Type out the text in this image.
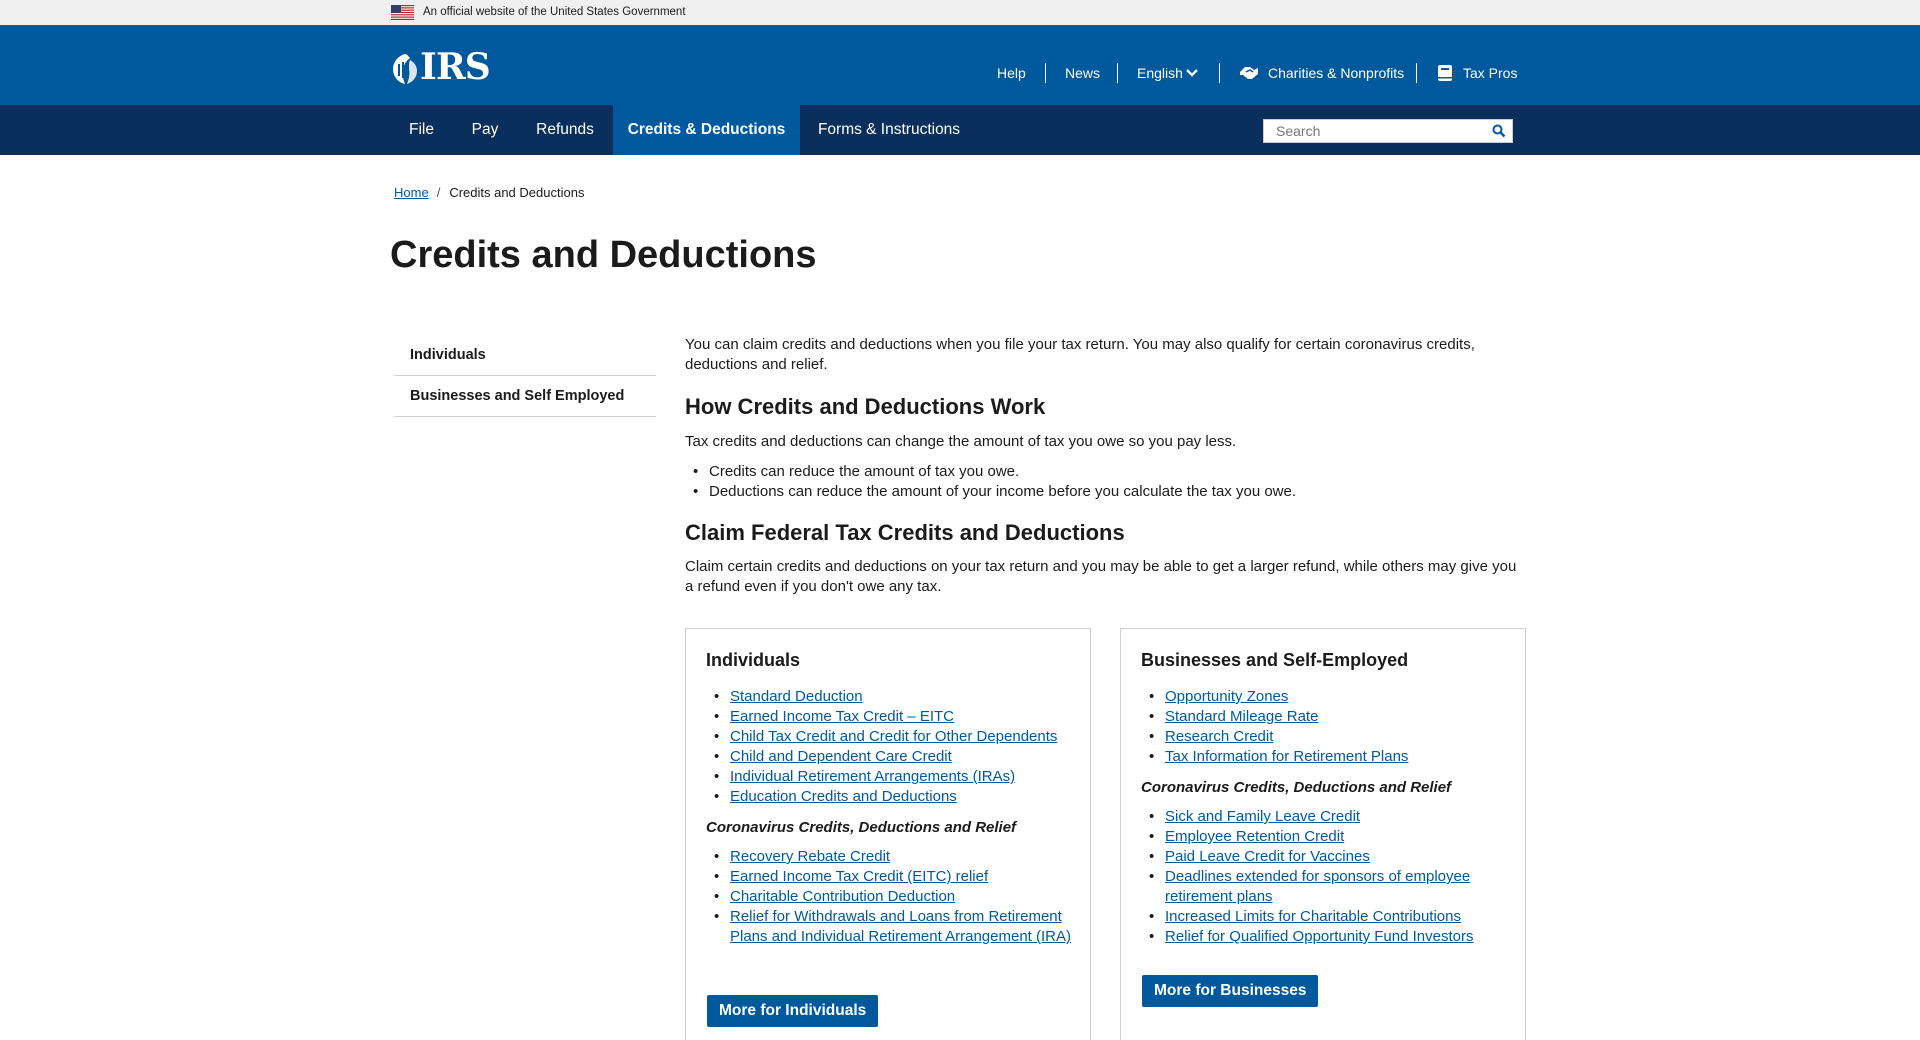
An official website of the United States Government
IRS	Help	News	English	Charities & Nonprofits	Tax Pros
File	Pay	Refunds	Credits & Deductions	Forms & Instructions
Search
Home / Credits and Deductions
Credits and Deductions
Individuals
Businesses and Self Employed

You can claim credits and deductions when you file your tax return. You may also qualify for certain coronavirus credits, deductions and relief.

How Credits and Deductions Work

Tax credits and deductions can change the amount of tax you owe so you pay less.

• Credits can reduce the amount of tax you owe.
• Deductions can reduce the amount of your income before you calculate the tax you owe.
Claim Federal Tax Credits and Deductions

Claim certain credits and deductions on your tax return and you may be able to get a larger refund, while others may give you a refund even if you don't owe any tax.

Individuals
• Standard Deduction
• Earned Income Tax Credit – EITC
• Child Tax Credit and Credit for Other Dependents
• Child and Dependent Care Credit
• Individual Retirement Arrangements (IRAs)
• Education Credits and Deductions
Coronavirus Credits, Deductions and Relief
• Recovery Rebate Credit
• Earned Income Tax Credit (EITC) relief
• Charitable Contribution Deduction
• Relief for Withdrawals and Loans from Retirement Plans and Individual Retirement Arrangement (IRA)
More for Individuals
Businesses and Self-Employed
• Opportunity Zones
• Standard Mileage Rate
• Research Credit
• Tax Information for Retirement Plans
Coronavirus Credits, Deductions and Relief
• Sick and Family Leave Credit
• Employee Retention Credit
• Paid Leave Credit for Vaccines
• Deadlines extended for sponsors of employee retirement plans
• Increased Limits for Charitable Contributions
• Relief for Qualified Opportunity Fund Investors
More for Businesses
